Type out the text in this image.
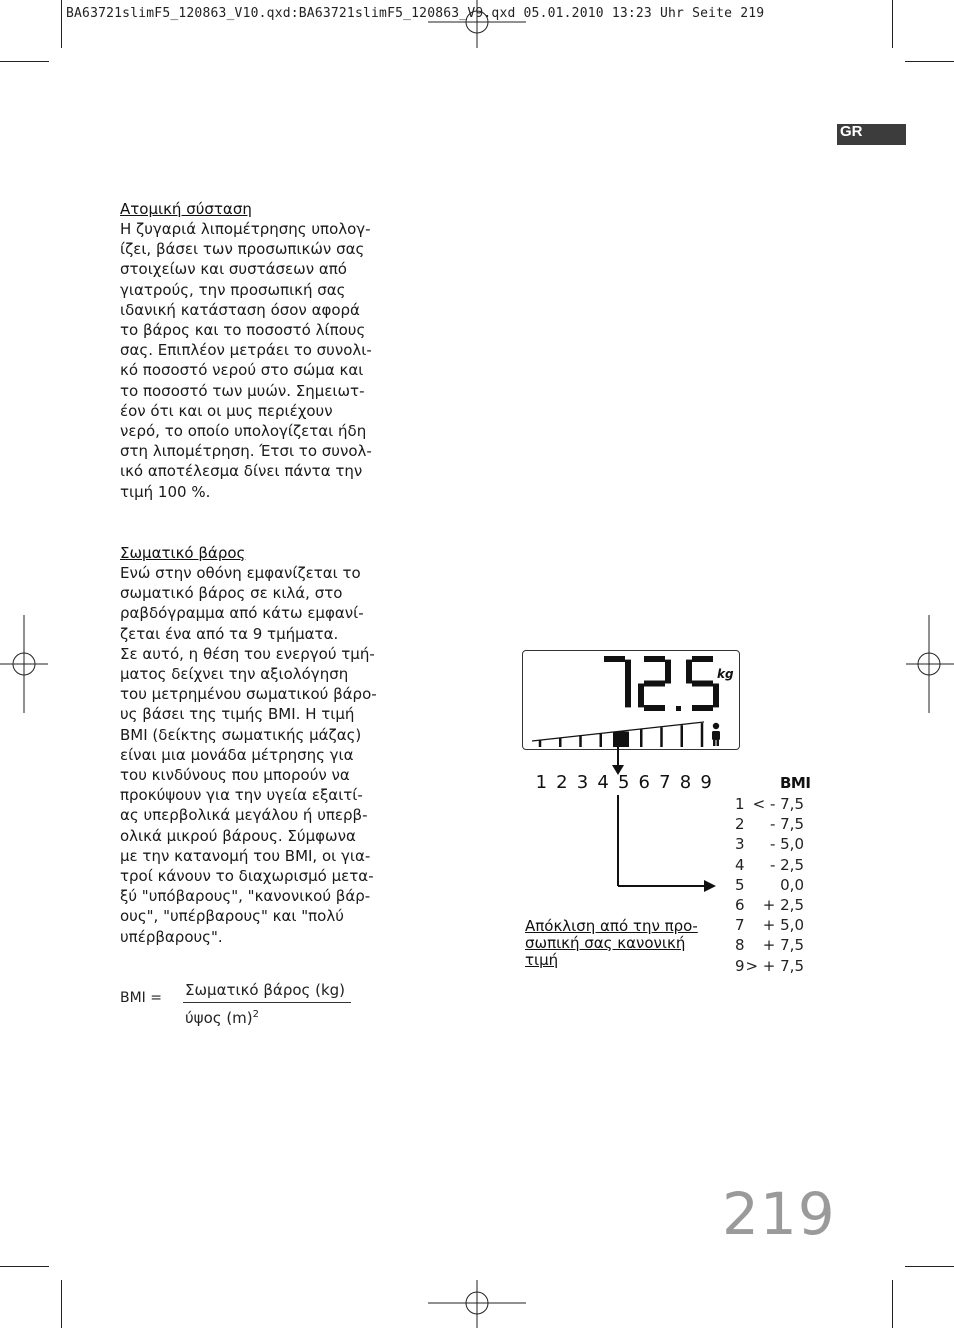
BA63721slimF5_120863_V10.qxd:BA63721slimF5_120863_V9.qxd 05.01.2010 13:23 Uhr Seite 219
GR
Ατομική σύσταση
Η ζυγαριά λιπομέτρησης υπολογ-
ίζει, βάσει των προσωπικών σας
στοιχείων και συστάσεων από
γιατρούς, την προσωπική σας
ιδανική κατάσταση όσον αφορά
το βάρος και το ποσοστό λίπους
σας. Επιπλέον μετράει το συνολι-
κό ποσοστό νερού στο σώμα και
το ποσοστό των μυών. Σημειωτ-
έον ότι και οι μυς περιέχουν
νερό, το οποίο υπολογίζεται ήδη
στη λιπομέτρηση. Έτσι το συνολ-
ικό αποτέλεσμα δίνει πάντα την
τιμή 100 %.
Σωματικό βάρος
Ενώ στην οθόνη εμφανίζεται το
σωματικό βάρος σε κιλά, στο
ραβδόγραμμα από κάτω εμφανί-
ζεται ένα από τα 9 τμήματα.
Σε αυτό, η θέση του ενεργού τμή-
ματος δείχνει την αξιολόγηση
του μετρημένου σωματικού βάρο-
υς βάσει της τιμής BMI. Η τιμή
BMI (δείκτης σωματικής μάζας)
είναι μια μονάδα μέτρησης για
του κινδύνους που μπορούν να
προκύψουν για την υγεία εξαιτί-
ας υπερβολικά μεγάλου ή υπερβ-
ολικά μικρού βάρους. Σύμφωνα
με την κατανομή του BMI, οι για-
τροί κάνουν το διαχωρισμό μετα-
ξύ "υπόβαρους", "κανονικού βάρ-
ους", "υπέρβαρους" και "πολύ
υπέρβαρους".
BMI = Σωματικό βάρος (kg)
ύψος $(m)^2$
kg
1 2 3 4 5 6 7 8 9	BMI
1 < - 7,5
2 - 7,5
3 - 5,0
4 - 2,5
5 0,0
6 + 2,5
7 + 5,0
8 + 7,5
9 > + 7,5
Απόκλιση από την προ-
σωπική σας κανονική
τιμή
219
